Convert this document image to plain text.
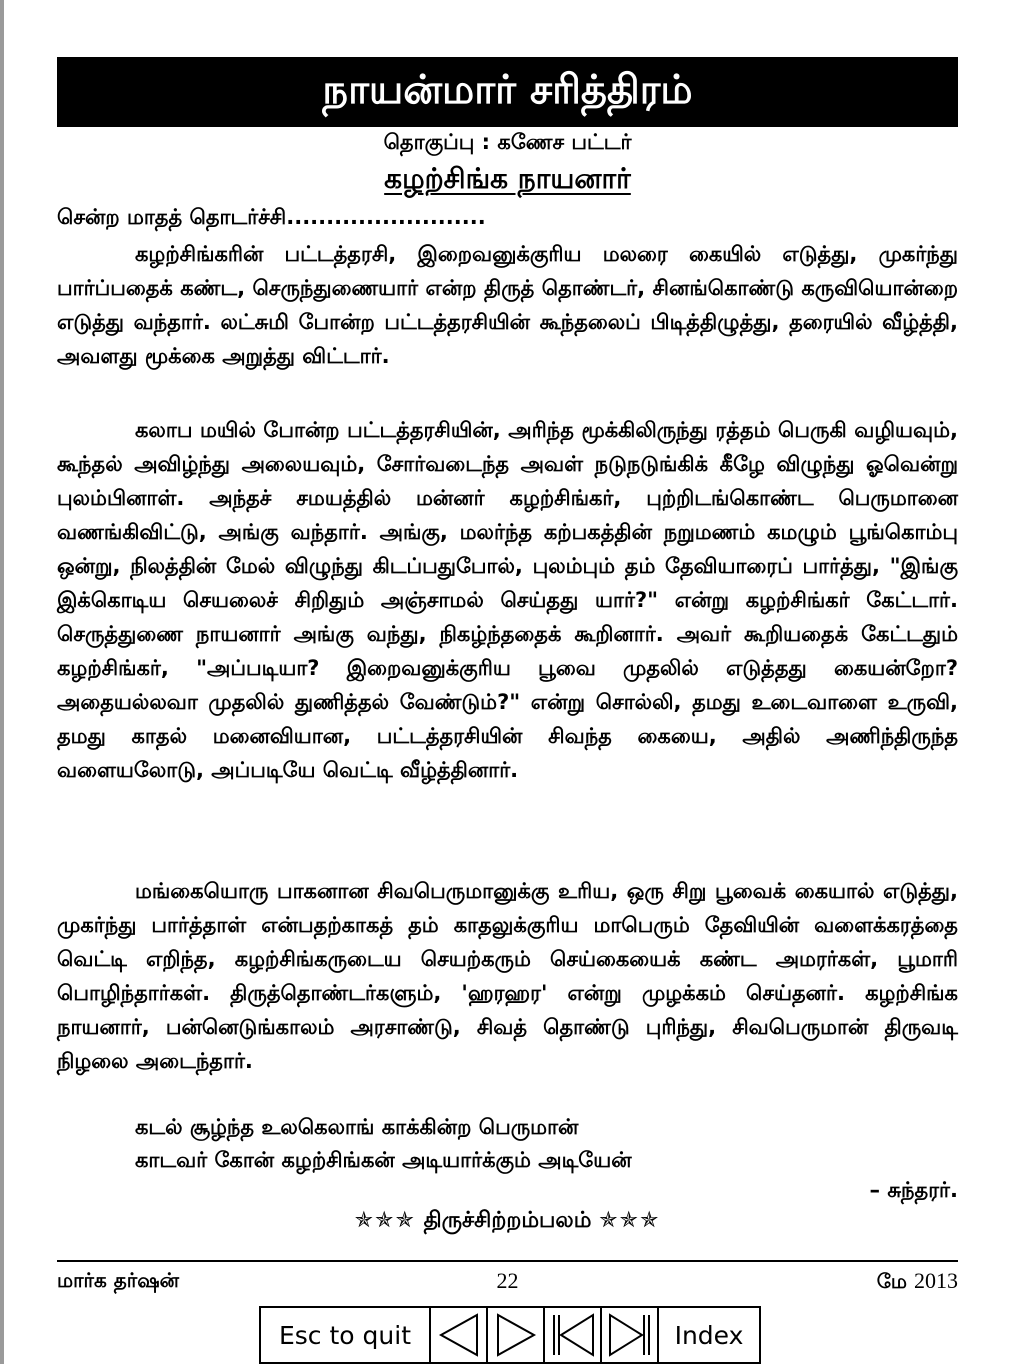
நாயன்மார் சரித்திரம்
தொகுப்பு : கணேச பட்டர்
கழற்சிங்க நாயனார்
சென்ற மாதத் தொடர்ச்சி.........................

கழற்சிங்கரின் பட்டத்தரசி, இறைவனுக்குரிய மலரை கையில் எடுத்து, முகர்ந்து பார்ப்பதைக் கண்ட, செருந்துணையார் என்ற திருத் தொண்டர், சினங்கொண்டு கருவியொன்றை எடுத்து வந்தார். லட்சுமி போன்ற பட்டத்தரசியின் கூந்தலைப் பிடித்திழுத்து, தரையில் வீழ்த்தி, அவளது மூக்கை அறுத்து விட்டார்.

கலாப மயில் போன்ற பட்டத்தரசியின், அரிந்த மூக்கிலிருந்து ரத்தம் பெருகி வழியவும், கூந்தல் அவிழ்ந்து அலையவும், சோர்வடைந்த அவள் நடுநடுங்கிக் கீழே விழுந்து ஓவென்று புலம்பினாள். அந்தச் சமயத்தில் மன்னர் கழற்சிங்கர், புற்றிடங்கொண்ட பெருமானை வணங்கிவிட்டு, அங்கு வந்தார். அங்கு, மலர்ந்த கற்பகத்தின் நறுமணம் கமழும் பூங்கொம்பு ஒன்று, நிலத்தின் மேல் விழுந்து கிடப்பதுபோல், புலம்பும் தம் தேவியாரைப் பார்த்து, "இங்கு இக்கொடிய செயலைச் சிறிதும் அஞ்சாமல் செய்தது யார்?" என்று கழற்சிங்கர் கேட்டார். செருத்துணை நாயனார் அங்கு வந்து, நிகழ்ந்ததைக் கூறினார். அவர் கூறியதைக் கேட்டதும் கழற்சிங்கர், "அப்படியா? இறைவனுக்குரிய பூவை முதலில் எடுத்தது கையன்றோ? அதையல்லவா முதலில் துணித்தல் வேண்டும்?" என்று சொல்லி, தமது உடைவாளை உருவி, தமது காதல் மனைவியான, பட்டத்தரசியின் சிவந்த கையை, அதில் அணிந்திருந்த வளையலோடு, அப்படியே வெட்டி வீழ்த்தினார்.

மங்கையொரு பாகனான சிவபெருமானுக்கு உரிய, ஒரு சிறு பூவைக் கையால் எடுத்து, முகர்ந்து பார்த்தாள் என்பதற்காகத் தம் காதலுக்குரிய மாபெரும் தேவியின் வளைக்கரத்தை வெட்டி எறிந்த, கழற்சிங்கருடைய செயற்கரும் செய்கையைக் கண்ட அமரர்கள், பூமாரி பொழிந்தார்கள். திருத்தொண்டர்களும், 'ஹரஹர' என்று முழக்கம் செய்தனர். கழற்சிங்க நாயனார், பன்னெடுங்காலம் அரசாண்டு, சிவத் தொண்டு புரிந்து, சிவபெருமான் திருவடி நிழலை அடைந்தார்.

கடல் சூழ்ந்த உலகெலாங் காக்கின்ற பெருமான்
காடவர் கோன் கழற்சிங்கன் அடியார்க்கும் அடியேன்
– சுந்தரர்.
✯✯✯ திருச்சிற்றம்பலம் ✯✯✯
மார்க தர்ஷன்	22	மே 2013
Esc to quit	Index
